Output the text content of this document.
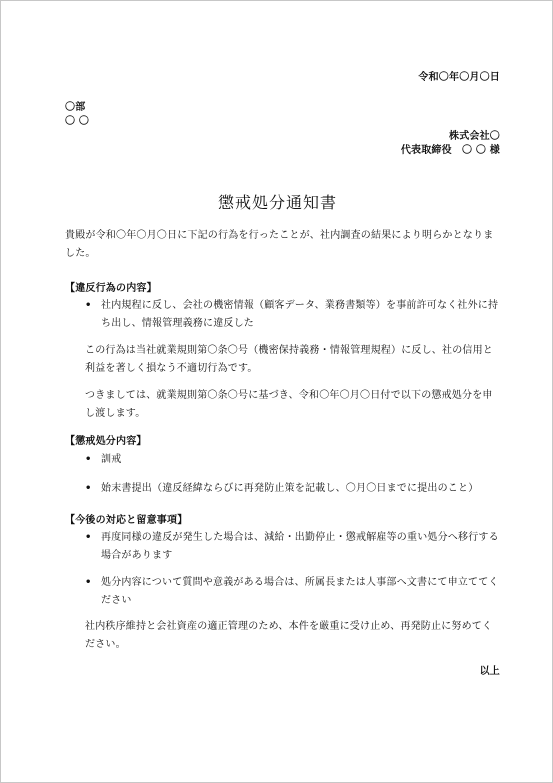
令和〇年〇月〇日
〇部
〇 〇
株式会社〇
代表取締役　〇 〇 様
懲戒処分通知書
貴殿が令和〇年〇月〇日に下記の行為を行ったことが、社内調査の結果により明らかとなりました。
【違反行為の内容】
• 社内規程に反し、会社の機密情報（顧客データ、業務書類等）を事前許可なく社外に持ち出し、情報管理義務に違反した
この行為は当社就業規則第〇条〇号（機密保持義務・情報管理規程）に反し、社の信用と利益を著しく損なう不適切行為です。
つきましては、就業規則第〇条〇号に基づき、令和〇年〇月〇日付で以下の懲戒処分を申し渡します。
【懲戒処分内容】
• 訓戒
• 始末書提出（違反経緯ならびに再発防止策を記載し、〇月〇日までに提出のこと）
【今後の対応と留意事項】
• 再度同様の違反が発生した場合は、減給・出勤停止・懲戒解雇等の重い処分へ移行する場合があります
• 処分内容について質問や意義がある場合は、所属長または人事部へ文書にて申立ててください
社内秩序維持と会社資産の適正管理のため、本件を厳重に受け止め、再発防止に努めてください。
以上
